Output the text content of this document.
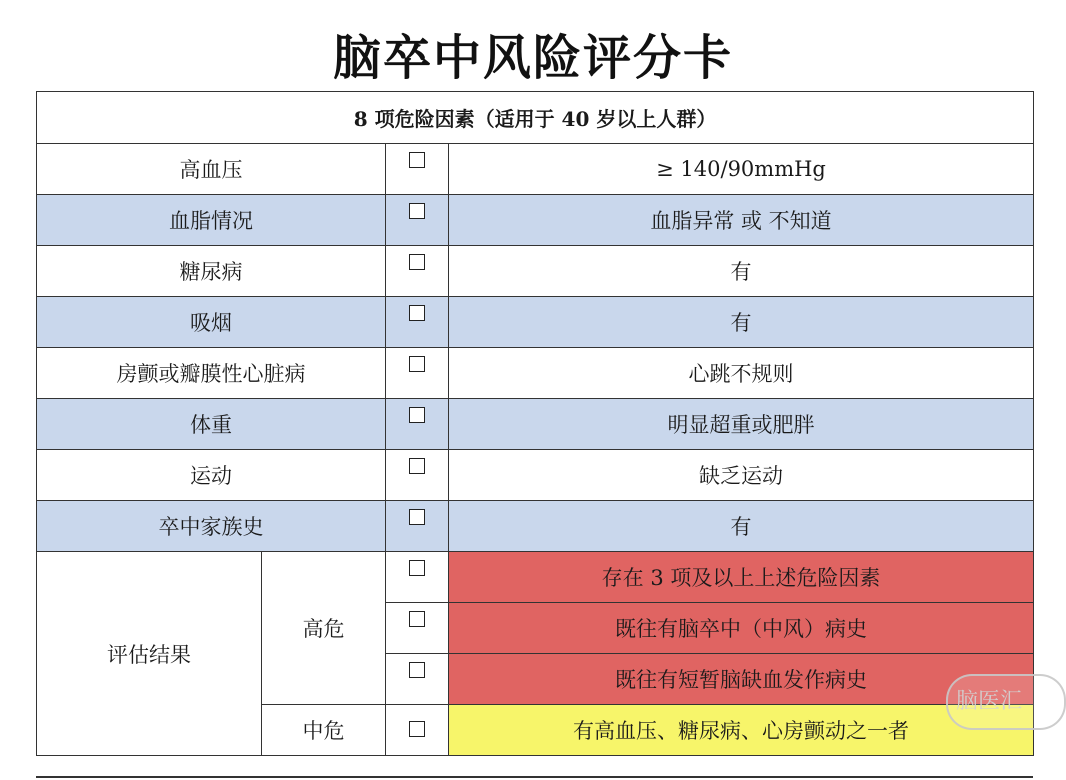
脑卒中风险评分卡
8 项危险因素（适用于 40 岁以上人群）			
高血压			≥ 140/90mmHg
血脂情况			血脂异常 或 不知道
糖尿病			有
吸烟			有
房颤或瓣膜性心脏病			心跳不规则
体重			明显超重或肥胖
运动			缺乏运动
卒中家族史			有
评估结果	高危		存在 3 项及以上上述危险因素
			既往有脑卒中（中风）病史
			既往有短暂脑缺血发作病史
	中危		有高血压、糖尿病、心房颤动之一者
脑医汇
